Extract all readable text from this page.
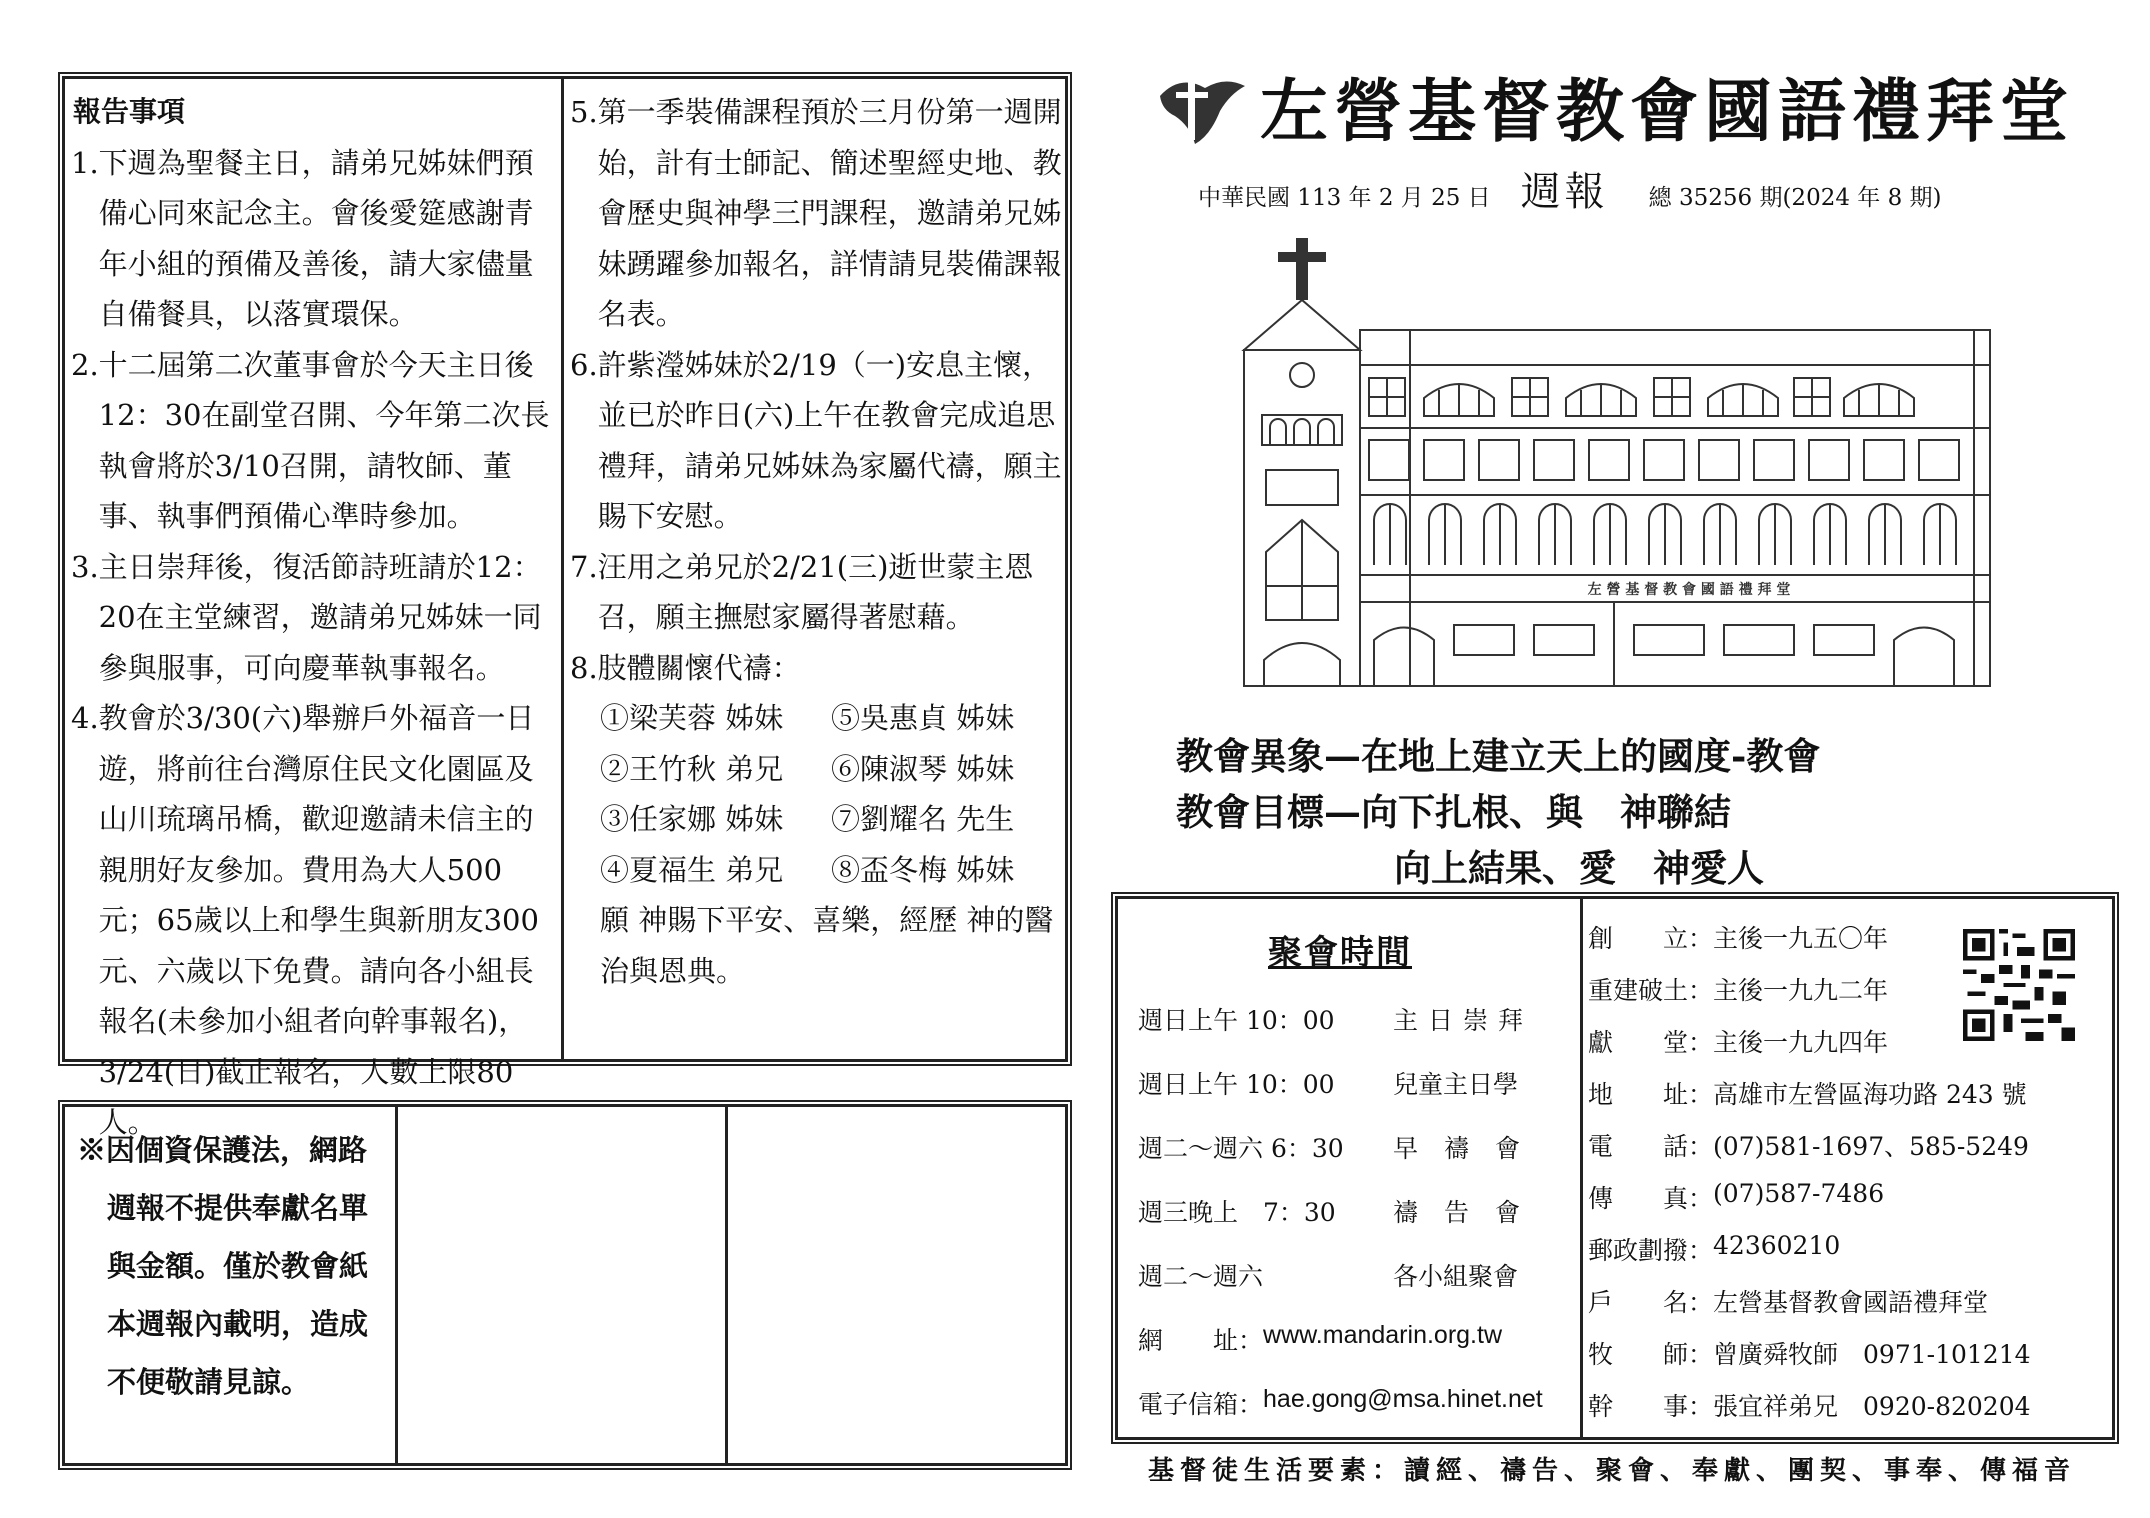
報告事項
1. 下週為聖餐主日，請弟兄姊妹們預備心同來記念主。會後愛筵感謝青年小組的預備及善後，請大家儘量自備餐具，以落實環保。
2. 十二屆第二次董事會於今天主日後12：30在副堂召開、今年第二次長執會將於3/10召開，請牧師、董事、執事們預備心準時參加。
3. 主日崇拜後，復活節詩班請於12：20在主堂練習，邀請弟兄姊妹一同參與服事，可向慶華執事報名。
4. 教會於3/30(六)舉辦戶外福音一日遊，將前往台灣原住民文化園區及山川琉璃吊橋，歡迎邀請未信主的親朋好友參加。費用為大人500元；65歲以上和學生與新朋友300元、六歲以下免費。請向各小組長報名(未參加小組者向幹事報名)，3/24(日)截止報名，人數上限80人。
5. 第一季裝備課程預於三月份第一週開始，計有士師記、簡述聖經史地、教會歷史與神學三門課程，邀請弟兄姊妹踴躍參加報名，詳情請見裝備課報名表。
6. 許紫瀅姊妹於2/19（一)安息主懷，並已於昨日(六)上午在教會完成追思禮拜，請弟兄姊妹為家屬代禱，願主賜下安慰。
7. 汪用之弟兄於2/21(三)逝世蒙主恩召，願主撫慰家屬得著慰藉。
8. 肢體關懷代禱：
①梁芙蓉 姊妹	⑤吳惠貞 姊妹
②王竹秋 弟兄	⑥陳淑琴 姊妹
③任家娜 姊妹	⑦劉耀名 先生
④夏福生 弟兄	⑧盃冬梅 姊妹
願 神賜下平安、喜樂，經歷 神的醫治與恩典。
※因個資保護法，網路
週報不提供奉獻名單
與金額。僅於教會紙
本週報內載明，造成
不便敬請見諒。
左營基督教會國語禮拜堂
中華民國 113 年 2 月 25 日 週報 總 35256 期(2024 年 8 期)
左 營 基 督 教 會 國 語 禮 拜 堂
教會異象—在地上建立天上的國度-教會
教會目標—向下扎根、與　神聯結
向上結果、愛　神愛人
聚會時間
週日上午 10：00	主日崇拜
週日上午 10：00	兒童主日學
週二～週六 6：30	早禱會
週三晚上　7：30	禱告會
週二～週六	各小組聚會
網　　址： www.mandarin.org.tw
電子信箱： hae.gong@msa.hinet.net
創　　立： 主後一九五〇年
重建破土： 主後一九九二年
獻　　堂： 主後一九九四年
地　　址： 高雄市左營區海功路 243 號
電　　話： (07)581-1697、585-5249
傳　　真： (07)587-7486
郵政劃撥： 42360210
戶　　名： 左營基督教會國語禮拜堂
牧　　師： 曾廣舜牧師　0971-101214
幹　　事： 張宜祥弟兄　0920-820204
基督徒生活要素：讀經、禱告、聚會、奉獻、團契、事奉、傳福音
